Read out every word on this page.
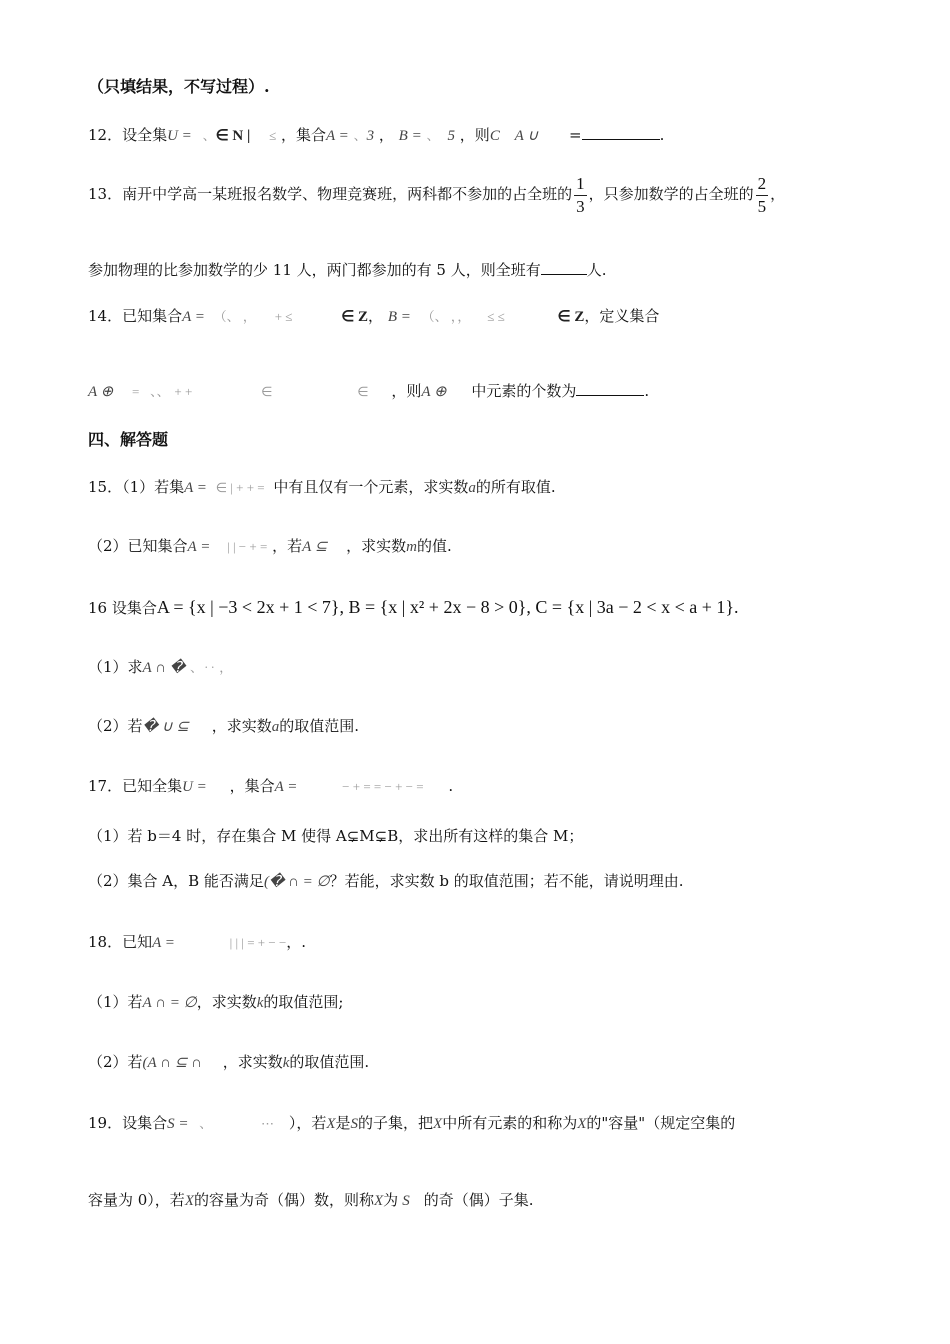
（只填结果，不写过程）.
12．设全集U = 、∈ N | ≤ ，集合A = 、3 ， B = 、 5 ，则C A ∪ =	.
13．南开中学高一某班报名数学、物理竞赛班，两科都不参加的占全班的 $\frac{1}{3}$ ，只参加数学的占全班的 $\frac{2}{5}$ ，
参加物理的比参加数学的少 11 人，两门都参加的有 5 人，则全班有	人.
14．已知集合A = （、 ， + ≤	∈ Z， B = （、 ，， ≤ ≤	∈ Z，定义集合
A ⊕ = 、、 + +	∈	∈ ，则A ⊕ 中元素的个数为	.
四、解答题
15．（1）若集A = ∈ | + + = 中有且仅有一个元素，求实数a的所有取值.
（2）已知集合A = | | − + = ，若A ⊆ ，求实数m的值.
16 设集合A = {x | −3 < 2x + 1 < 7}, B = {x | x² + 2x − 8 > 0}, C = {x | 3a − 2 < x < a + 1}.
（1）求A ∩ � 、‥ ，
（2）若� ∪ ⊆ ，求实数a的取值范围.
17．已知全集U = ，集合A =	− + = = − + − = .
（1）若 b＝4 时，存在集合 M 使得 A⊊M⊊B，求出所有这样的集合 M；
（2）集合 A，B 能否满足(� ∩ = ∅？若能，求实数 b 的取值范围；若不能，请说明理由.
18．已知A =	| | | = + − −，.
（1）若A ∩ = ∅，求实数k的取值范围;
（2）若(A ∩ ⊆ ∩ ，求实数k的取值范围.
19．设集合S = 、	⋯ ），若X是S的子集，把X中所有元素的和称为X的"容量"（规定空集的
容量为 0），若X的容量为奇（偶）数，则称X为 S 的奇（偶）子集.
